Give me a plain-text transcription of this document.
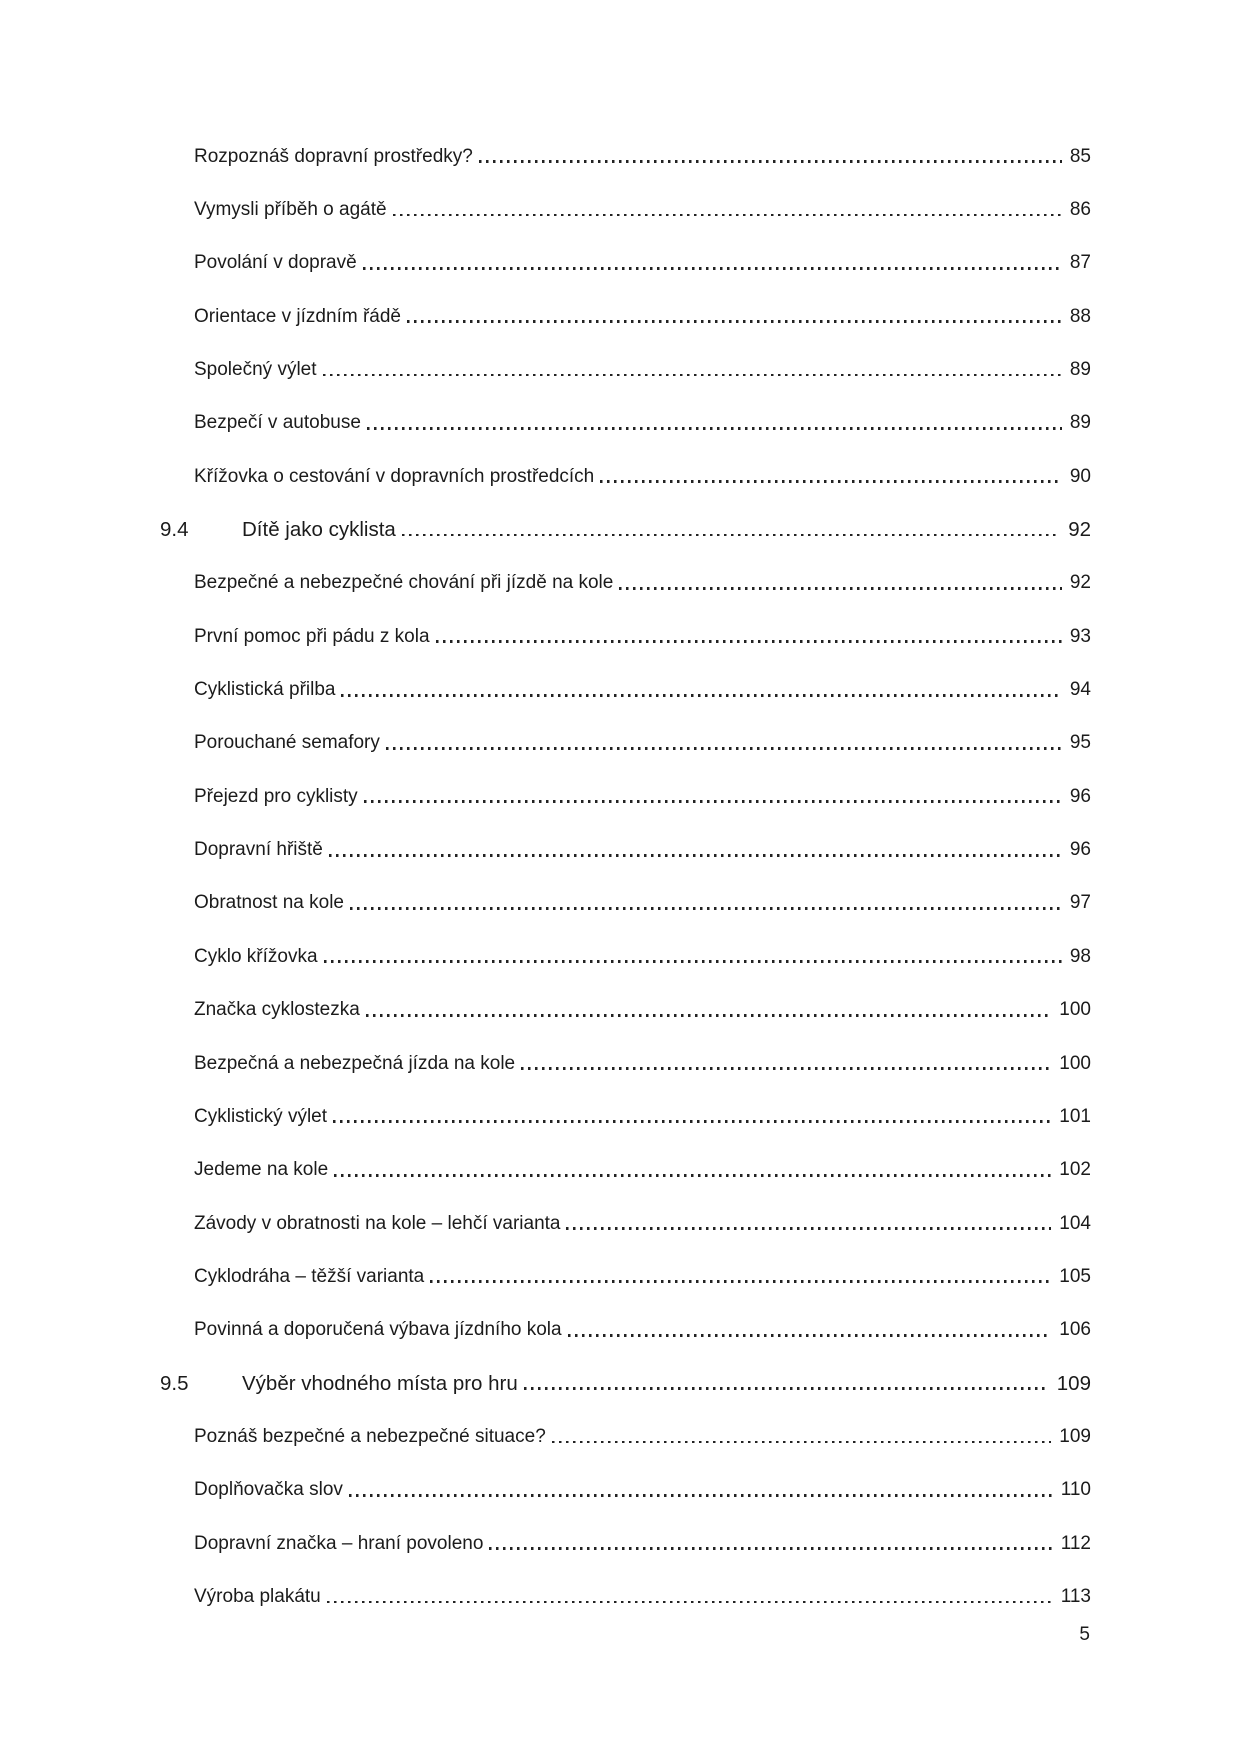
Rozpoznáš dopravní prostředky?	85
Vymysli příběh o agátě	86
Povolání v dopravě	87
Orientace v jízdním řádě	88
Společný výlet	89
Bezpečí v autobuse	89
Křížovka o cestování v dopravních prostředcích	90
9.4	Dítě jako cyklista	92
Bezpečné a nebezpečné chování při jízdě na kole	92
První pomoc při pádu z kola	93
Cyklistická přilba	94
Porouchané semafory	95
Přejezd pro cyklisty	96
Dopravní hřiště	96
Obratnost na kole	97
Cyklo křížovka	98
Značka cyklostezka	100
Bezpečná a nebezpečná jízda na kole	100
Cyklistický výlet	101
Jedeme na kole	102
Závody v obratnosti na kole – lehčí varianta	104
Cyklodráha – těžší varianta	105
Povinná a doporučená výbava jízdního kola	106
9.5	Výběr vhodného místa pro hru	109
Poznáš bezpečné a nebezpečné situace?	109
Doplňovačka slov	110
Dopravní značka – hraní povoleno	112
Výroba plakátu	113
5
